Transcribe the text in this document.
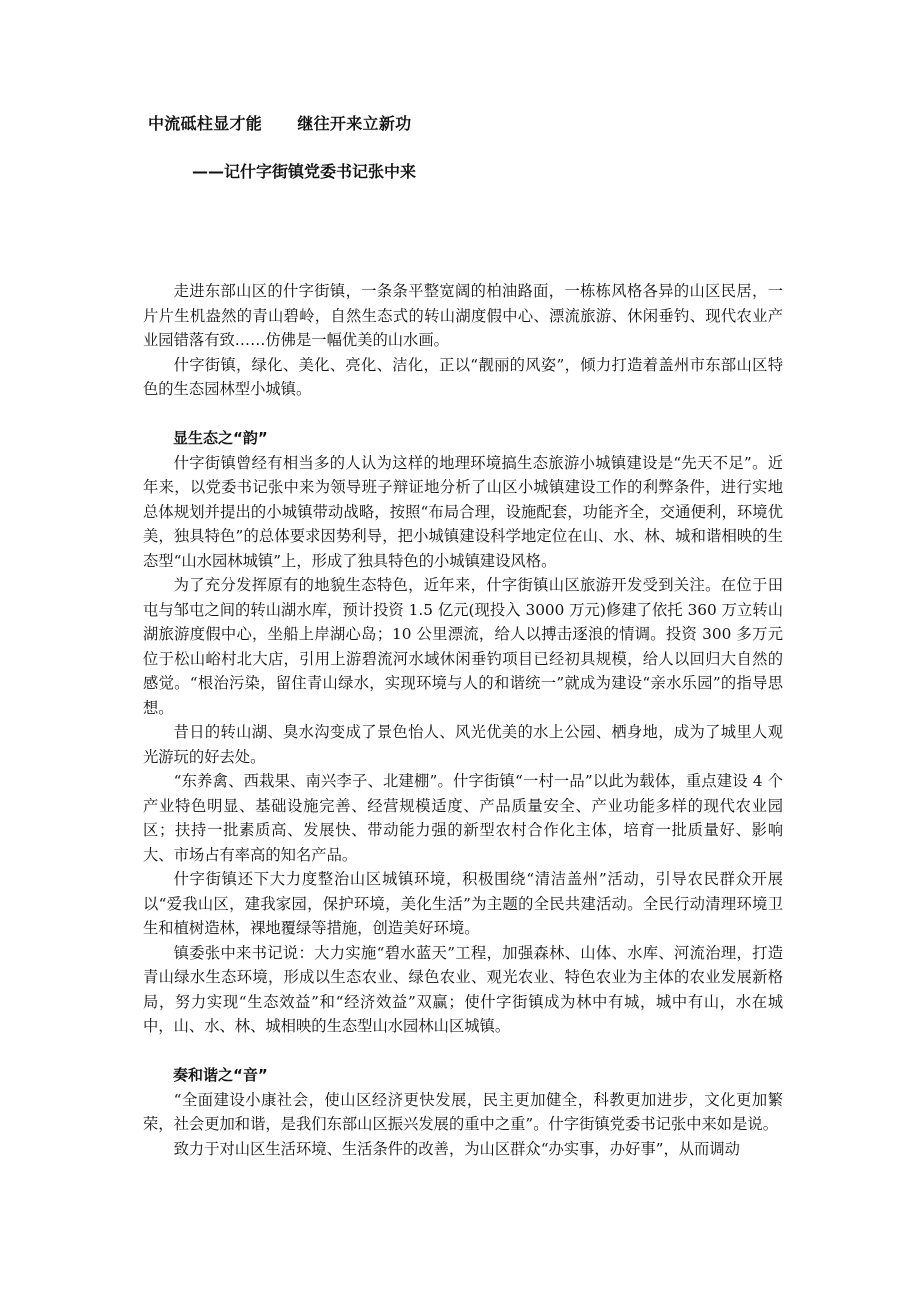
中流砥柱显才能      继往开来立新功
——记什字街镇党委书记张中来

走进东部山区的什字街镇，一条条平整宽阔的柏油路面，一栋栋风格各异的山区民居，一片片生机盎然的青山碧岭，自然生态式的转山湖度假中心、漂流旅游、休闲垂钓、现代农业产业园错落有致……仿佛是一幅优美的山水画。

什字街镇，绿化、美化、亮化、洁化，正以“靓丽的风姿”，倾力打造着盖州市东部山区特色的生态园林型小城镇。

显生态之“韵”

什字街镇曾经有相当多的人认为这样的地理环境搞生态旅游小城镇建设是“先天不足”。近年来，以党委书记张中来为领导班子辩证地分析了山区小城镇建设工作的利弊条件，进行实地总体规划并提出的小城镇带动战略，按照“布局合理，设施配套，功能齐全，交通便利，环境优美，独具特色”的总体要求因势利导，把小城镇建设科学地定位在山、水、林、城和谐相映的生态型“山水园林城镇”上，形成了独具特色的小城镇建设风格。

为了充分发挥原有的地貌生态特色，近年来，什字街镇山区旅游开发受到关注。在位于田屯与邹屯之间的转山湖水库，预计投资 1.5 亿元(现投入 3000 万元)修建了依托 360 万立转山湖旅游度假中心，坐船上岸湖心岛；10 公里漂流，给人以搏击逐浪的情调。投资 300 多万元位于松山峪村北大店，引用上游碧流河水域休闲垂钓项目已经初具规模，给人以回归大自然的感觉。“根治污染，留住青山绿水，实现环境与人的和谐统一”就成为建设“亲水乐园”的指导思想。

昔日的转山湖、臭水沟变成了景色怡人、风光优美的水上公园、栖身地，成为了城里人观光游玩的好去处。

“东养禽、西栽果、南兴李子、北建棚”。什字街镇“一村一品”以此为载体，重点建设 4 个产业特色明显、基础设施完善、经营规模适度、产品质量安全、产业功能多样的现代农业园区；扶持一批素质高、发展快、带动能力强的新型农村合作化主体，培育一批质量好、影响大、市场占有率高的知名产品。

什字街镇还下大力度整治山区城镇环境，积极围绕“清洁盖州”活动，引导农民群众开展以“爱我山区，建我家园，保护环境，美化生活”为主题的全民共建活动。全民行动清理环境卫生和植树造林，裸地覆绿等措施，创造美好环境。

镇委张中来书记说：大力实施“碧水蓝天”工程，加强森林、山体、水库、河流治理，打造青山绿水生态环境，形成以生态农业、绿色农业、观光农业、特色农业为主体的农业发展新格局，努力实现“生态效益”和“经济效益”双赢；使什字街镇成为林中有城，城中有山，水在城中，山、水、林、城相映的生态型山水园林山区城镇。

奏和谐之“音”

“全面建设小康社会，使山区经济更快发展，民主更加健全，科教更加进步，文化更加繁荣，社会更加和谐，是我们东部山区振兴发展的重中之重”。什字街镇党委书记张中来如是说。

致力于对山区生活环境、生活条件的改善，为山区群众“办实事，办好事”，从而调动
